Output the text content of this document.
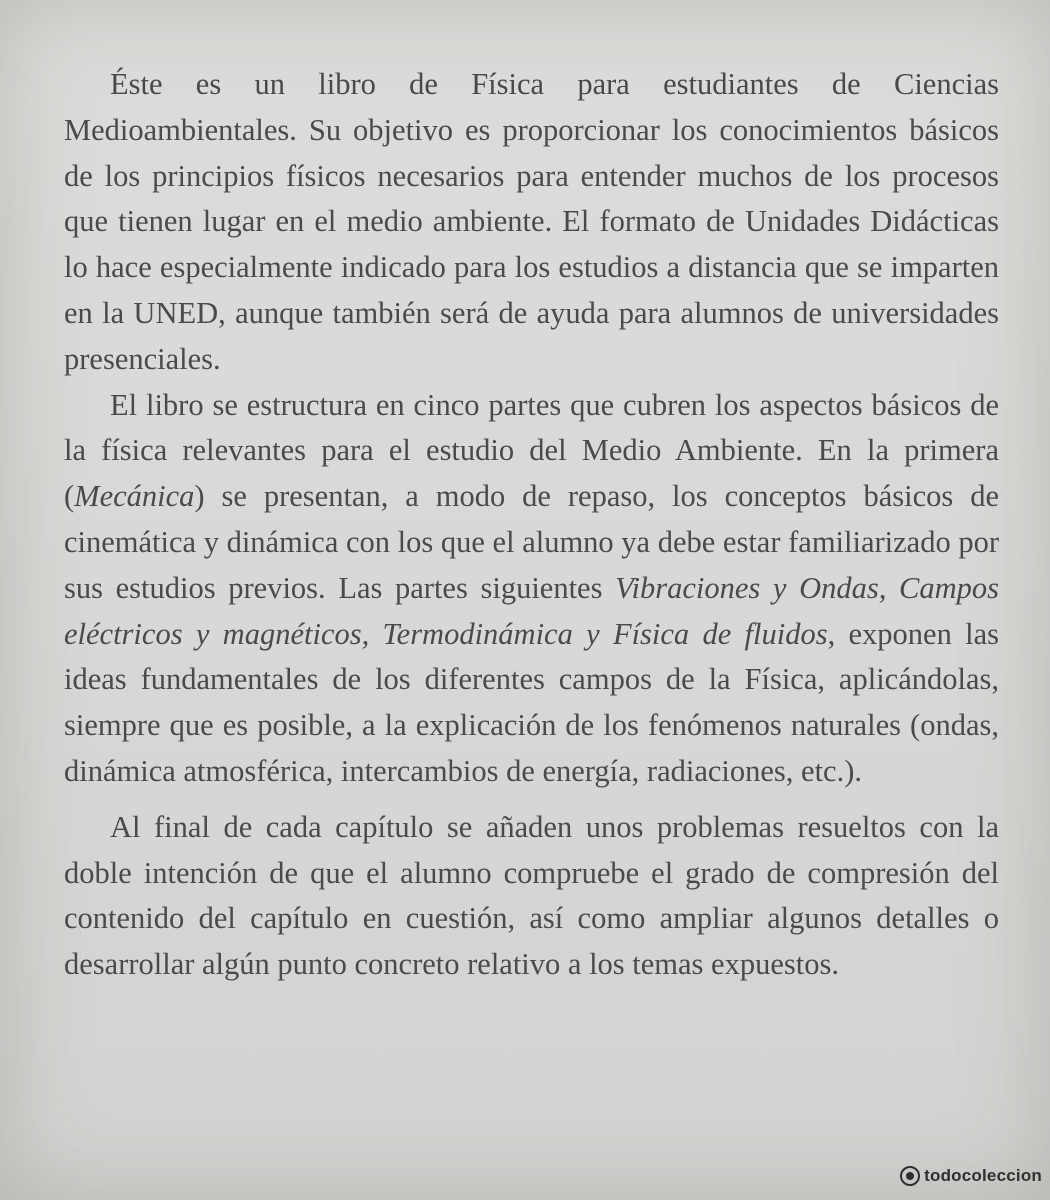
Éste es un libro de Física para estudiantes de Ciencias Medioambientales. Su objetivo es proporcionar los conocimientos básicos de los principios físicos necesarios para entender muchos de los procesos que tienen lugar en el medio ambiente. El formato de Unidades Didácticas lo hace especialmente indicado para los estudios a distancia que se imparten en la UNED, aunque también será de ayuda para alumnos de universidades presenciales.

El libro se estructura en cinco partes que cubren los aspectos básicos de la física relevantes para el estudio del Medio Ambiente. En la primera (Mecánica) se presentan, a modo de repaso, los conceptos básicos de cinemática y dinámica con los que el alumno ya debe estar familiarizado por sus estudios previos. Las partes siguientes Vibraciones y Ondas, Campos eléctricos y magnéticos, Termodinámica y Física de fluidos, exponen las ideas fundamentales de los diferentes campos de la Física, aplicándolas, siempre que es posible, a la explicación de los fenómenos naturales (ondas, dinámica atmosférica, intercambios de energía, radiaciones, etc.).

Al final de cada capítulo se añaden unos problemas resueltos con la doble intención de que el alumno compruebe el grado de compresión del contenido del capítulo en cuestión, así como ampliar algunos detalles o desarrollar algún punto concreto relativo a los temas expuestos.

todocoleccion
